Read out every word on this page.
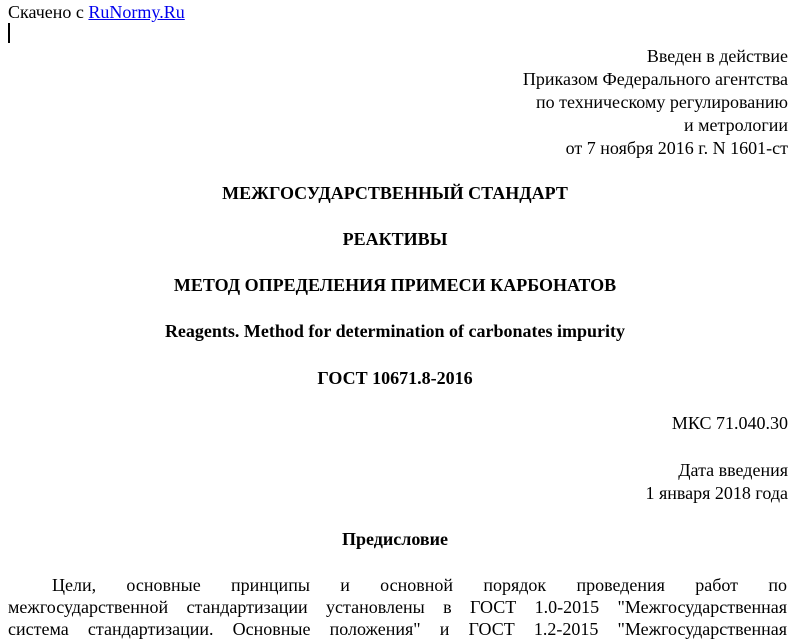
Скачено с RuNormy.Ru
Введен в действие
Приказом Федерального агентства
по техническому регулированию
и метрологии
от 7 ноября 2016 г. N 1601-ст
МЕЖГОСУДАРСТВЕННЫЙ СТАНДАРТ
РЕАКТИВЫ
МЕТОД ОПРЕДЕЛЕНИЯ ПРИМЕСИ КАРБОНАТОВ
Reagents. Method for determination of carbonates impurity
ГОСТ 10671.8-2016
МКС 71.040.30
Дата введения
1 января 2018 года
Предисловие
Цели, основные принципы и основной порядок проведения работ по
межгосударственной стандартизации установлены в ГОСТ 1.0-2015 "Межгосударственная
система стандартизации. Основные положения" и ГОСТ 1.2-2015 "Межгосударственная
